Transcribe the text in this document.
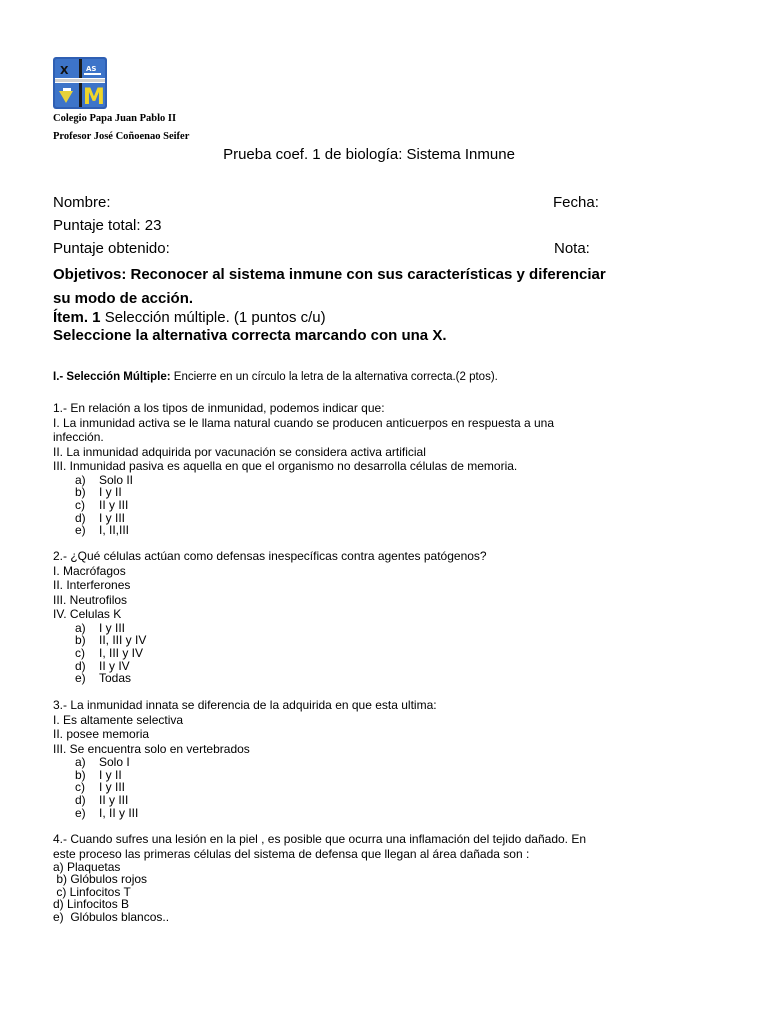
X	AS
M
Colegio Papa Juan Pablo II
Profesor José Coñoenao Seifer
Prueba coef. 1 de biología: Sistema Inmune
Nombre:	Fecha:
Puntaje total: 23
Puntaje obtenido:	Nota:
Objetivos: Reconocer al sistema inmune con sus características y diferenciar
su modo de acción.
Ítem. 1 Selección múltiple. (1 puntos c/u)
Seleccione la alternativa correcta marcando con una X.
I.- Selección Múltiple: Encierre en un círculo la letra de la alternativa correcta.(2 ptos).
1.- En relación a los tipos de inmunidad, podemos indicar que:
I. La inmunidad activa se le llama natural cuando se producen anticuerpos en respuesta a una
infección.
II. La inmunidad adquirida por vacunación se considera activa artificial
III. Inmunidad pasiva es aquella en que el organismo no desarrolla células de memoria.
a) Solo II
b) I y II
c) II y III
d) I y III
e) I, II,III
2.- ¿Qué células actúan como defensas inespecíficas contra agentes patógenos?
I. Macrófagos
II. Interferones
III. Neutrofilos
IV. Celulas K
a) I y III
b) II, III y IV
c) I, III y IV
d) II y IV
e) Todas
3.- La inmunidad innata se diferencia de la adquirida en que esta ultima:
I. Es altamente selectiva
II. posee memoria
III. Se encuentra solo en vertebrados
a) Solo I
b) I y II
c) I y III
d) II y III
e) I, II y III
4.- Cuando sufres una lesión en la piel , es posible que ocurra una inflamación del tejido dañado. En
este proceso las primeras células del sistema de defensa que llegan al área dañada son :
a) Plaquetas
b) Glóbulos rojos
c) Linfocitos T
d) Linfocitos B
e)  Glóbulos blancos..
